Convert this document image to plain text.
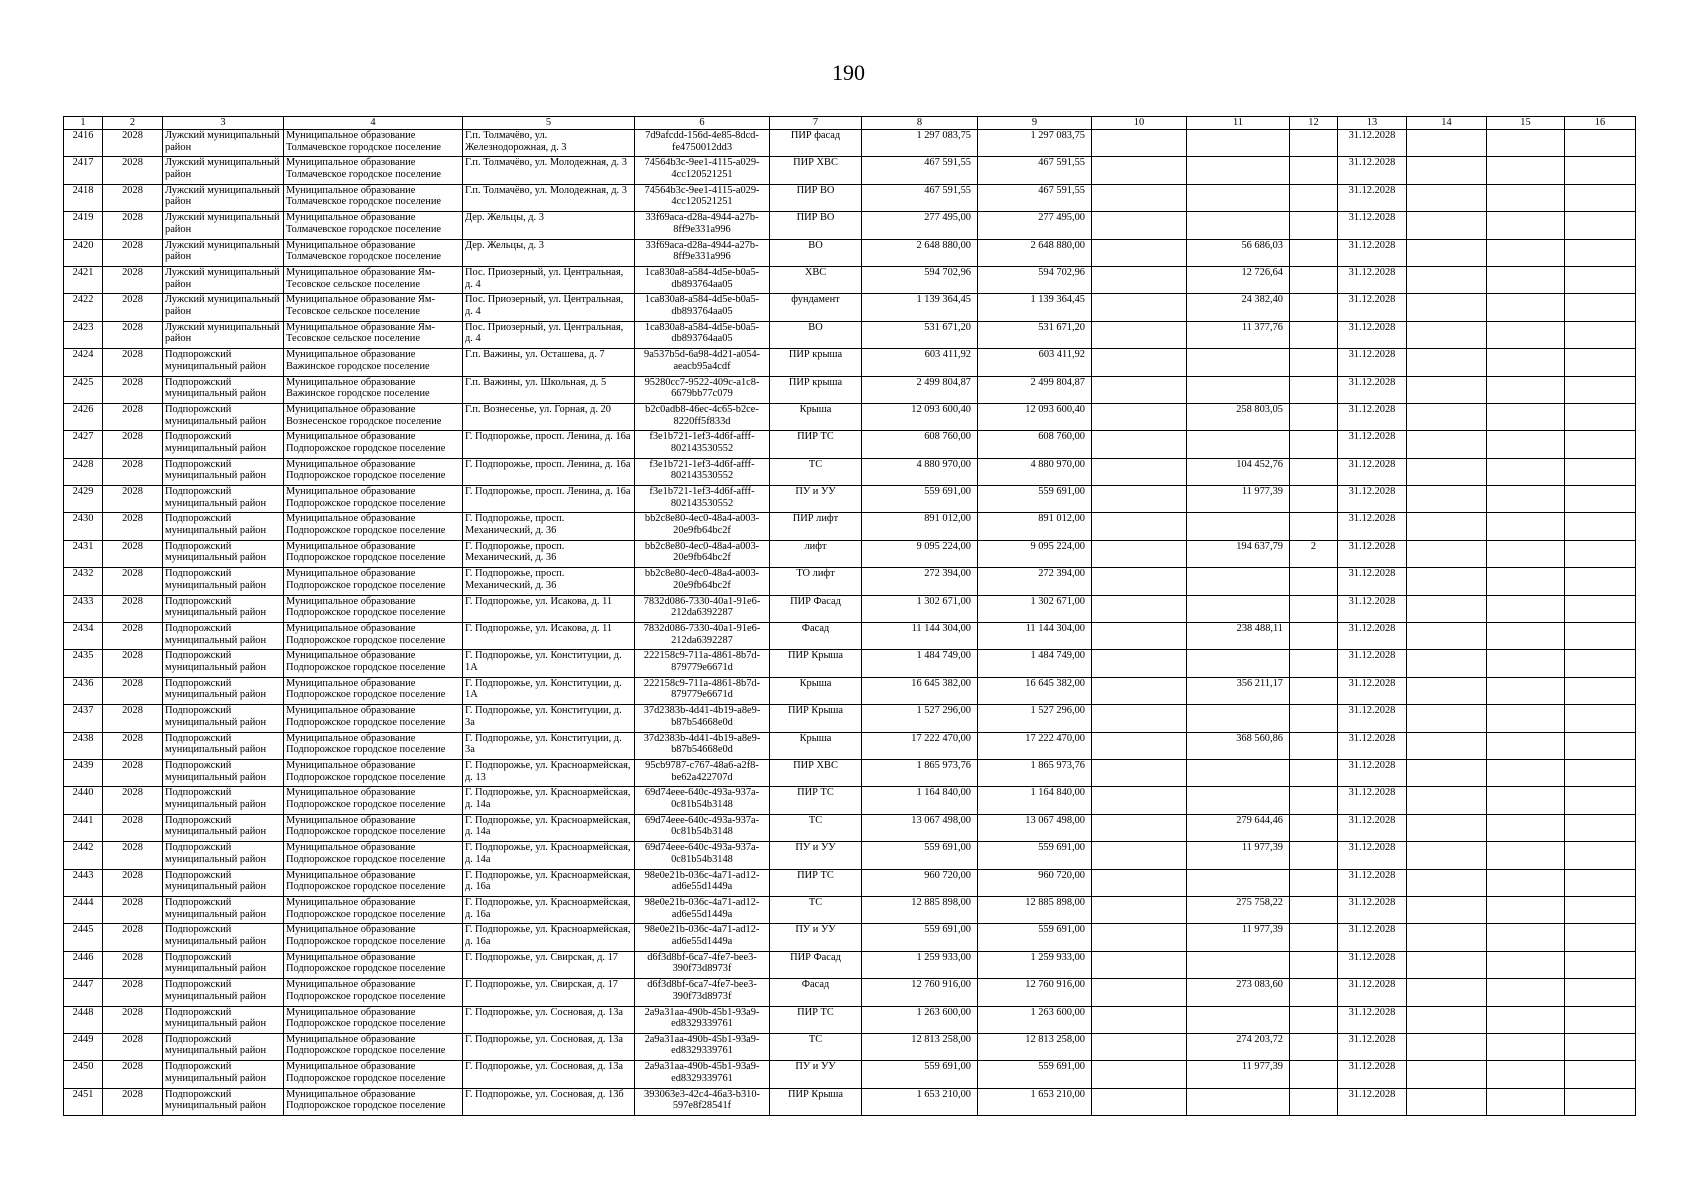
190
1	2	3	4	5	6	7	8	9	10	11	12	13	14	15	16
2416	2028	Лужский муниципальный район	Муниципальное образование Толмачевское городское поселение	Г.п. Толмачёво, ул. Железнодорожная, д. 3	7d9afcdd-156d-4e85-8dcd-fe4750012dd3	ПИР фасад	1 297 083,75	1 297 083,75				31.12.2028			
2417	2028	Лужский муниципальный район	Муниципальное образование Толмачевское городское поселение	Г.п. Толмачёво, ул. Молодежная, д. 3	74564b3c-9ee1-4115-a029-4cc120521251	ПИР ХВС	467 591,55	467 591,55				31.12.2028			
2418	2028	Лужский муниципальный район	Муниципальное образование Толмачевское городское поселение	Г.п. Толмачёво, ул. Молодежная, д. 3	74564b3c-9ee1-4115-a029-4cc120521251	ПИР ВО	467 591,55	467 591,55				31.12.2028			
2419	2028	Лужский муниципальный район	Муниципальное образование Толмачевское городское поселение	Дер. Жельцы, д. 3	33f69aca-d28a-4944-a27b-8ff9e331a996	ПИР ВО	277 495,00	277 495,00				31.12.2028			
2420	2028	Лужский муниципальный район	Муниципальное образование Толмачевское городское поселение	Дер. Жельцы, д. 3	33f69aca-d28a-4944-a27b-8ff9e331a996	ВО	2 648 880,00	2 648 880,00		56 686,03		31.12.2028			
2421	2028	Лужский муниципальный район	Муниципальное образование Ям-Тесовское сельское поселение	Пос. Приозерный, ул. Центральная, д. 4	1ca830a8-a584-4d5e-b0a5-db893764aa05	ХВС	594 702,96	594 702,96		12 726,64		31.12.2028			
2422	2028	Лужский муниципальный район	Муниципальное образование Ям-Тесовское сельское поселение	Пос. Приозерный, ул. Центральная, д. 4	1ca830a8-a584-4d5e-b0a5-db893764aa05	фундамент	1 139 364,45	1 139 364,45		24 382,40		31.12.2028			
2423	2028	Лужский муниципальный район	Муниципальное образование Ям-Тесовское сельское поселение	Пос. Приозерный, ул. Центральная, д. 4	1ca830a8-a584-4d5e-b0a5-db893764aa05	ВО	531 671,20	531 671,20		11 377,76		31.12.2028			
2424	2028	Подпорожский муниципальный район	Муниципальное образование Важинское городское поселение	Г.п. Важины, ул. Осташева, д. 7	9a537b5d-6a98-4d21-a054-aeacb95a4cdf	ПИР крыша	603 411,92	603 411,92				31.12.2028			
2425	2028	Подпорожский муниципальный район	Муниципальное образование Важинское городское поселение	Г.п. Важины, ул. Школьная, д. 5	95280cc7-9522-409c-a1c8-6679bb77c079	ПИР крыша	2 499 804,87	2 499 804,87				31.12.2028			
2426	2028	Подпорожский муниципальный район	Муниципальное образование Вознесенское городское поселение	Г.п. Вознесенье, ул. Горная, д. 20	b2c0adb8-46ec-4c65-b2ce-8220ff5f833d	Крыша	12 093 600,40	12 093 600,40		258 803,05		31.12.2028			
2427	2028	Подпорожский муниципальный район	Муниципальное образование Подпорожское городское поселение	Г. Подпорожье, просп. Ленина, д. 16а	f3e1b721-1ef3-4d6f-afff-802143530552	ПИР ТС	608 760,00	608 760,00				31.12.2028			
2428	2028	Подпорожский муниципальный район	Муниципальное образование Подпорожское городское поселение	Г. Подпорожье, просп. Ленина, д. 16а	f3e1b721-1ef3-4d6f-afff-802143530552	ТС	4 880 970,00	4 880 970,00		104 452,76		31.12.2028			
2429	2028	Подпорожский муниципальный район	Муниципальное образование Подпорожское городское поселение	Г. Подпорожье, просп. Ленина, д. 16а	f3e1b721-1ef3-4d6f-afff-802143530552	ПУ и УУ	559 691,00	559 691,00		11 977,39		31.12.2028			
2430	2028	Подпорожский муниципальный район	Муниципальное образование Подпорожское городское поселение	Г. Подпорожье, просп. Механический, д. 36	bb2c8e80-4ec0-48a4-a003-20e9fb64bc2f	ПИР лифт	891 012,00	891 012,00				31.12.2028			
2431	2028	Подпорожский муниципальный район	Муниципальное образование Подпорожское городское поселение	Г. Подпорожье, просп. Механический, д. 36	bb2c8e80-4ec0-48a4-a003-20e9fb64bc2f	лифт	9 095 224,00	9 095 224,00		194 637,79	2	31.12.2028			
2432	2028	Подпорожский муниципальный район	Муниципальное образование Подпорожское городское поселение	Г. Подпорожье, просп. Механический, д. 36	bb2c8e80-4ec0-48a4-a003-20e9fb64bc2f	ТО лифт	272 394,00	272 394,00				31.12.2028			
2433	2028	Подпорожский муниципальный район	Муниципальное образование Подпорожское городское поселение	Г. Подпорожье, ул. Исакова, д. 11	7832d086-7330-40a1-91e6-212da6392287	ПИР Фасад	1 302 671,00	1 302 671,00				31.12.2028			
2434	2028	Подпорожский муниципальный район	Муниципальное образование Подпорожское городское поселение	Г. Подпорожье, ул. Исакова, д. 11	7832d086-7330-40a1-91e6-212da6392287	Фасад	11 144 304,00	11 144 304,00		238 488,11		31.12.2028			
2435	2028	Подпорожский муниципальный район	Муниципальное образование Подпорожское городское поселение	Г. Подпорожье, ул. Конституции, д. 1А	222158c9-711a-4861-8b7d-879779e6671d	ПИР Крыша	1 484 749,00	1 484 749,00				31.12.2028			
2436	2028	Подпорожский муниципальный район	Муниципальное образование Подпорожское городское поселение	Г. Подпорожье, ул. Конституции, д. 1А	222158c9-711a-4861-8b7d-879779e6671d	Крыша	16 645 382,00	16 645 382,00		356 211,17		31.12.2028			
2437	2028	Подпорожский муниципальный район	Муниципальное образование Подпорожское городское поселение	Г. Подпорожье, ул. Конституции, д. 3а	37d2383b-4d41-4b19-a8e9-b87b54668e0d	ПИР Крыша	1 527 296,00	1 527 296,00				31.12.2028			
2438	2028	Подпорожский муниципальный район	Муниципальное образование Подпорожское городское поселение	Г. Подпорожье, ул. Конституции, д. 3а	37d2383b-4d41-4b19-a8e9-b87b54668e0d	Крыша	17 222 470,00	17 222 470,00		368 560,86		31.12.2028			
2439	2028	Подпорожский муниципальный район	Муниципальное образование Подпорожское городское поселение	Г. Подпорожье, ул. Красноармейская, д. 13	95cb9787-c767-48a6-a2f8-be62a422707d	ПИР ХВС	1 865 973,76	1 865 973,76				31.12.2028			
2440	2028	Подпорожский муниципальный район	Муниципальное образование Подпорожское городское поселение	Г. Подпорожье, ул. Красноармейская, д. 14а	69d74eee-640c-493a-937a-0c81b54b3148	ПИР ТС	1 164 840,00	1 164 840,00				31.12.2028			
2441	2028	Подпорожский муниципальный район	Муниципальное образование Подпорожское городское поселение	Г. Подпорожье, ул. Красноармейская, д. 14а	69d74eee-640c-493a-937a-0c81b54b3148	ТС	13 067 498,00	13 067 498,00		279 644,46		31.12.2028			
2442	2028	Подпорожский муниципальный район	Муниципальное образование Подпорожское городское поселение	Г. Подпорожье, ул. Красноармейская, д. 14а	69d74eee-640c-493a-937a-0c81b54b3148	ПУ и УУ	559 691,00	559 691,00		11 977,39		31.12.2028			
2443	2028	Подпорожский муниципальный район	Муниципальное образование Подпорожское городское поселение	Г. Подпорожье, ул. Красноармейская, д. 16а	98e0e21b-036c-4a71-ad12-ad6e55d1449a	ПИР ТС	960 720,00	960 720,00				31.12.2028			
2444	2028	Подпорожский муниципальный район	Муниципальное образование Подпорожское городское поселение	Г. Подпорожье, ул. Красноармейская, д. 16а	98e0e21b-036c-4a71-ad12-ad6e55d1449a	ТС	12 885 898,00	12 885 898,00		275 758,22		31.12.2028			
2445	2028	Подпорожский муниципальный район	Муниципальное образование Подпорожское городское поселение	Г. Подпорожье, ул. Красноармейская, д. 16а	98e0e21b-036c-4a71-ad12-ad6e55d1449a	ПУ и УУ	559 691,00	559 691,00		11 977,39		31.12.2028			
2446	2028	Подпорожский муниципальный район	Муниципальное образование Подпорожское городское поселение	Г. Подпорожье, ул. Свирская, д. 17	d6f3d8bf-6ca7-4fe7-bee3-390f73d8973f	ПИР Фасад	1 259 933,00	1 259 933,00				31.12.2028			
2447	2028	Подпорожский муниципальный район	Муниципальное образование Подпорожское городское поселение	Г. Подпорожье, ул. Свирская, д. 17	d6f3d8bf-6ca7-4fe7-bee3-390f73d8973f	Фасад	12 760 916,00	12 760 916,00		273 083,60		31.12.2028			
2448	2028	Подпорожский муниципальный район	Муниципальное образование Подпорожское городское поселение	Г. Подпорожье, ул. Сосновая, д. 13а	2a9a31aa-490b-45b1-93a9-ed8329339761	ПИР ТС	1 263 600,00	1 263 600,00				31.12.2028			
2449	2028	Подпорожский муниципальный район	Муниципальное образование Подпорожское городское поселение	Г. Подпорожье, ул. Сосновая, д. 13а	2a9a31aa-490b-45b1-93a9-ed8329339761	ТС	12 813 258,00	12 813 258,00		274 203,72		31.12.2028			
2450	2028	Подпорожский муниципальный район	Муниципальное образование Подпорожское городское поселение	Г. Подпорожье, ул. Сосновая, д. 13а	2a9a31aa-490b-45b1-93a9-ed8329339761	ПУ и УУ	559 691,00	559 691,00		11 977,39		31.12.2028			
2451	2028	Подпорожский муниципальный район	Муниципальное образование Подпорожское городское поселение	Г. Подпорожье, ул. Сосновая, д. 13б	393063e3-42c4-46a3-b310-597e8f28541f	ПИР Крыша	1 653 210,00	1 653 210,00				31.12.2028			
